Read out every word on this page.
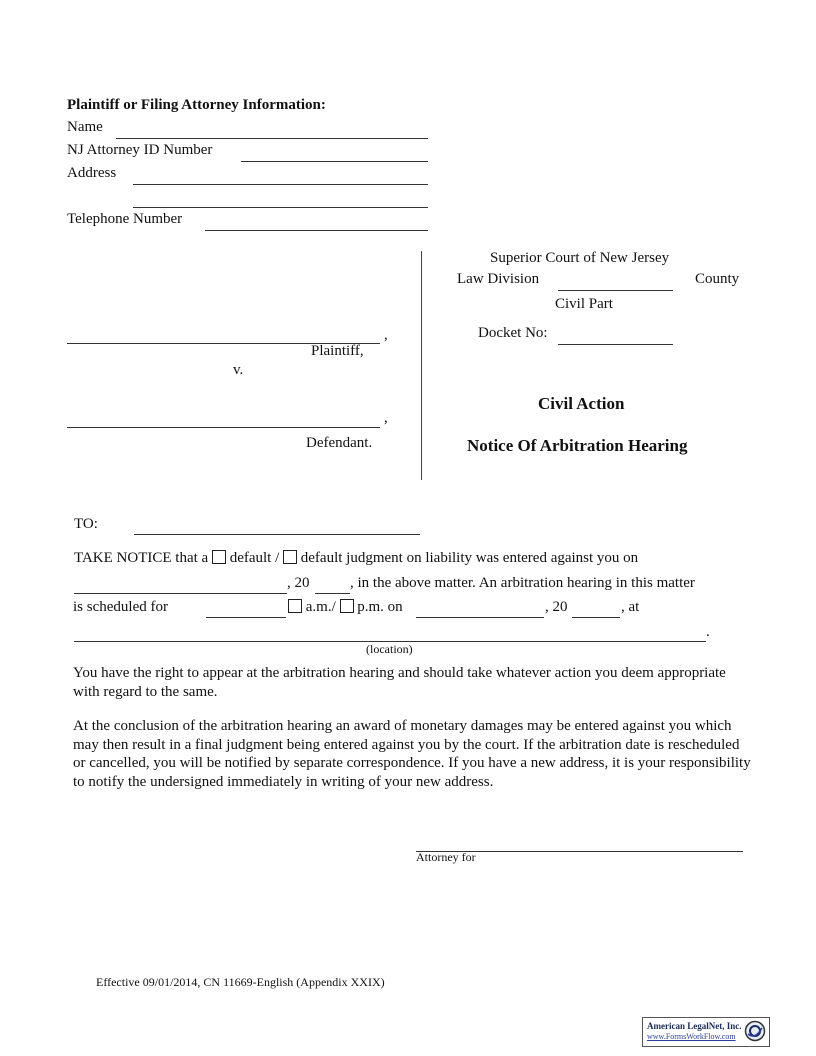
Plaintiff or Filing Attorney Information:
Name
NJ Attorney ID Number
Address
Telephone Number
,
Plaintiff,
v.
,
Defendant.
Superior Court of New Jersey
Law Division	County
Civil Part
Docket No:
Civil Action
Notice Of Arbitration Hearing
TO:
TAKE NOTICE that a default / default judgment on liability was entered against you on
, 20	, in the above matter. An arbitration hearing in this matter
is scheduled for	a.m./ p.m. on	, 20	, at
.
(location)
You have the right to appear at the arbitration hearing and should take whatever action you deem appropriate with regard to the same.
At the conclusion of the arbitration hearing an award of monetary damages may be entered against you which may then result in a final judgment being entered against you by the court. If the arbitration date is rescheduled or cancelled, you will be notified by separate correspondence. If you have a new address, it is your responsibility to notify the undersigned immediately in writing of your new address.
Attorney for
Effective 09/01/2014, CN 11669-English (Appendix XXIX)
American LegalNet, Inc.
www.FormsWorkFlow.com
